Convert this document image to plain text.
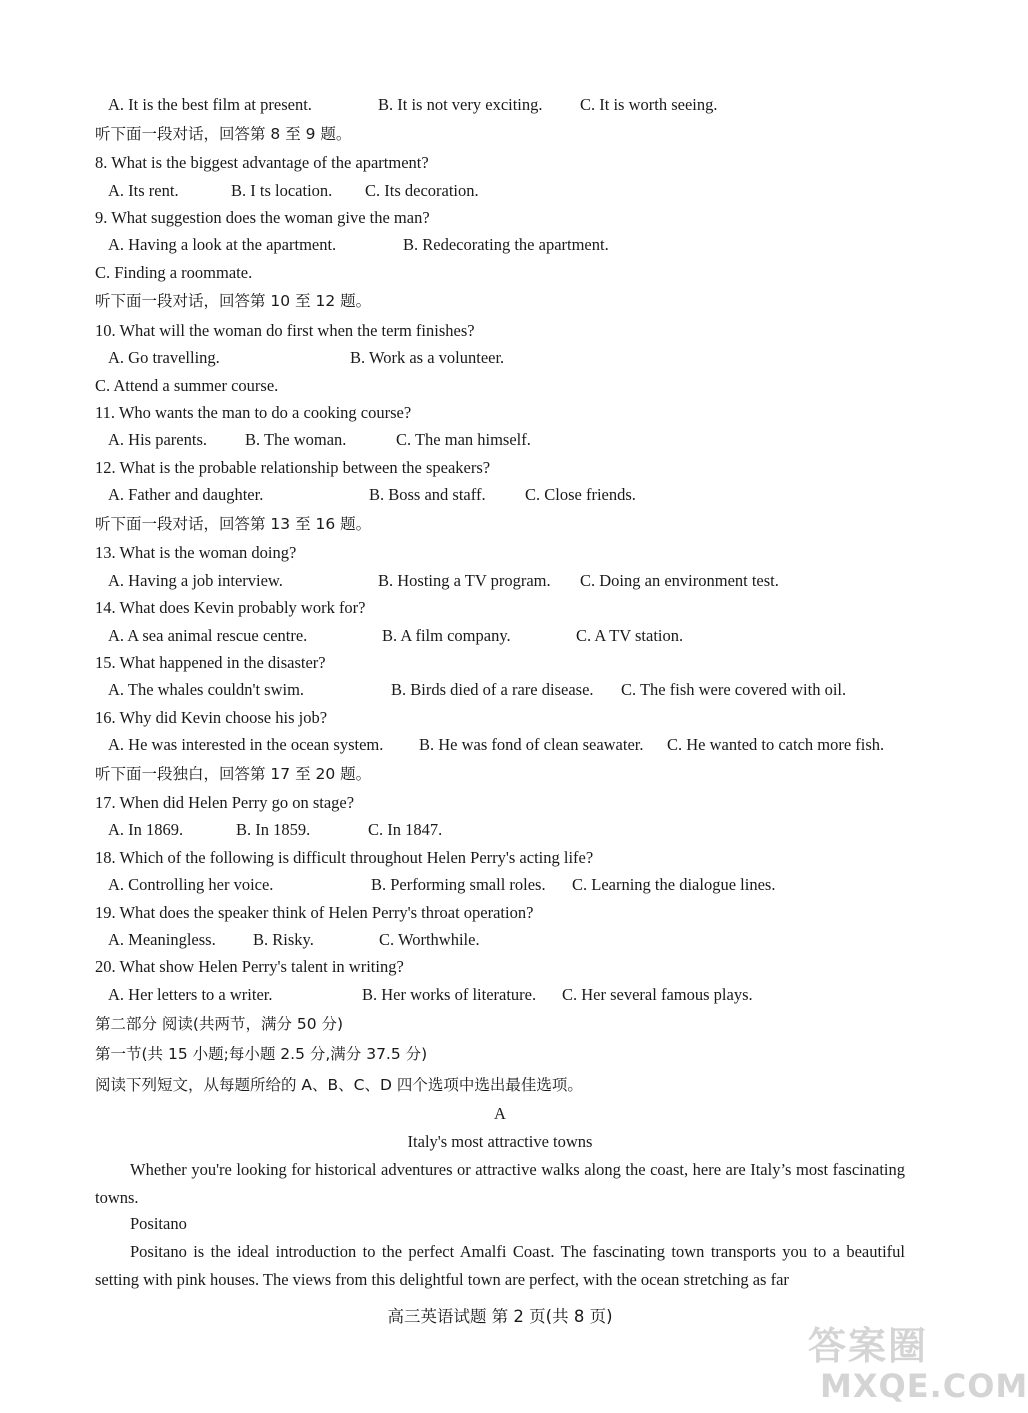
A. It is the best film at present.	B. It is not very exciting. C. It is worth seeing.
听下面一段对话，回答第 8 至 9 题。
8. What is the biggest advantage of the apartment?
A. Its rent.	B. I ts location. C. Its decoration.
9. What suggestion does the woman give the man?
A. Having a look at the apartment.	B. Redecorating the apartment.
C. Finding a roommate.
听下面一段对话，回答第 10 至 12 题。
10. What will the woman do first when the term finishes?
A. Go travelling.	B. Work as a volunteer.
C. Attend a summer course.
11. Who wants the man to do a cooking course?
A. His parents. B. The woman.	C. The man himself.
12. What is the probable relationship between the speakers?
A. Father and daughter.	B. Boss and staff. C. Close friends.
听下面一段对话，回答第 13 至 16 题。
13. What is the woman doing?
A. Having a job interview.	B. Hosting a TV program. C. Doing an environment test.
14. What does Kevin probably work for?
A. A sea animal rescue centre.	B. A film company.	C. A TV station.
15. What happened in the disaster?
A. The whales couldn't swim.	B. Birds died of a rare disease. C. The fish were covered with oil.
16. Why did Kevin choose his job?
A. He was interested in the ocean system. B. He was fond of clean seawater. C. He wanted to catch more fish.
听下面一段独白，回答第 17 至 20 题。
17. When did Helen Perry go on stage?
A. In 1869.	B. In 1859.	C. In 1847.
18. Which of the following is difficult throughout Helen Perry's acting life?
A. Controlling her voice.	B. Performing small roles. C. Learning the dialogue lines.
19. What does the speaker think of Helen Perry's throat operation?
A. Meaningless. B. Risky.	C. Worthwhile.
20. What show Helen Perry's talent in writing?
A. Her letters to a writer.	B. Her works of literature. C. Her several famous plays.
第二部分 阅读(共两节，满分 50 分)
第一节(共 15 小题;每小题 2.5 分,满分 37.5 分)
阅读下列短文，从每题所给的 A、B、C、D 四个选项中选出最佳选项。
A
Italy's most attractive towns
Whether you're looking for historical adventures or attractive walks along the coast, here are Italy’s most fascinating towns.
Positano
Positano is the ideal introduction to the perfect Amalfi Coast. The fascinating town transports you to a beautiful setting with pink houses. The views from this delightful town are perfect, with the ocean stretching as far
高三英语试题 第 2 页(共 8 页)
答案圈
MXQE.COM
